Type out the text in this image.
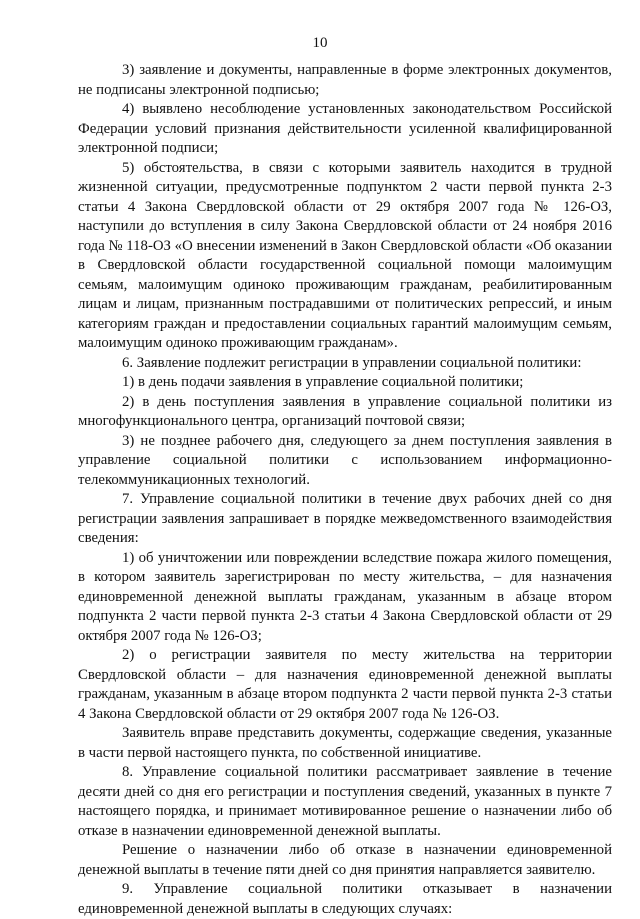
10

3) заявление и документы, направленные в форме электронных документов, не подписаны электронной подписью;

4) выявлено несоблюдение установленных законодательством Российской Федерации условий признания действительности усиленной квалифицированной электронной подписи;

5) обстоятельства, в связи с которыми заявитель находится в трудной жизненной ситуации, предусмотренные подпунктом 2 части первой пункта 2-3 статьи 4 Закона Свердловской области от 29 октября 2007 года № 126-ОЗ, наступили до вступления в силу Закона Свердловской области от 24 ноября 2016 года № 118-ОЗ «О внесении изменений в Закон Свердловской области «Об оказании в Свердловской области государственной социальной помощи малоимущим семьям, малоимущим одиноко проживающим гражданам, реабилитированным лицам и лицам, признанным пострадавшими от политических репрессий, и иным категориям граждан и предоставлении социальных гарантий малоимущим семьям, малоимущим одиноко проживающим гражданам».

6. Заявление подлежит регистрации в управлении социальной политики:

1) в день подачи заявления в управление социальной политики;

2) в день поступления заявления в управление социальной политики из многофункционального центра, организаций почтовой связи;

3) не позднее рабочего дня, следующего за днем поступления заявления в управление социальной политики с использованием информационно-телекоммуникационных технологий.

7. Управление социальной политики в течение двух рабочих дней со дня регистрации заявления запрашивает в порядке межведомственного взаимодействия сведения:

1) об уничтожении или повреждении вследствие пожара жилого помещения, в котором заявитель зарегистрирован по месту жительства, – для назначения единовременной денежной выплаты гражданам, указанным в абзаце втором подпункта 2 части первой пункта 2-3 статьи 4 Закона Свердловской области от 29 октября 2007 года № 126-ОЗ;

2) о регистрации заявителя по месту жительства на территории Свердловской области – для назначения единовременной денежной выплаты гражданам, указанным в абзаце втором подпункта 2 части первой пункта 2-3 статьи 4 Закона Свердловской области от 29 октября 2007 года № 126-ОЗ.

Заявитель вправе представить документы, содержащие сведения, указанные в части первой настоящего пункта, по собственной инициативе.

8. Управление социальной политики рассматривает заявление в течение десяти дней со дня его регистрации и поступления сведений, указанных в пункте 7 настоящего порядка, и принимает мотивированное решение о назначении либо об отказе в назначении единовременной денежной выплаты.

Решение о назначении либо об отказе в назначении единовременной денежной выплаты в течение пяти дней со дня принятия направляется заявителю.

9. Управление социальной политики отказывает в назначении единовременной денежной выплаты в следующих случаях:
